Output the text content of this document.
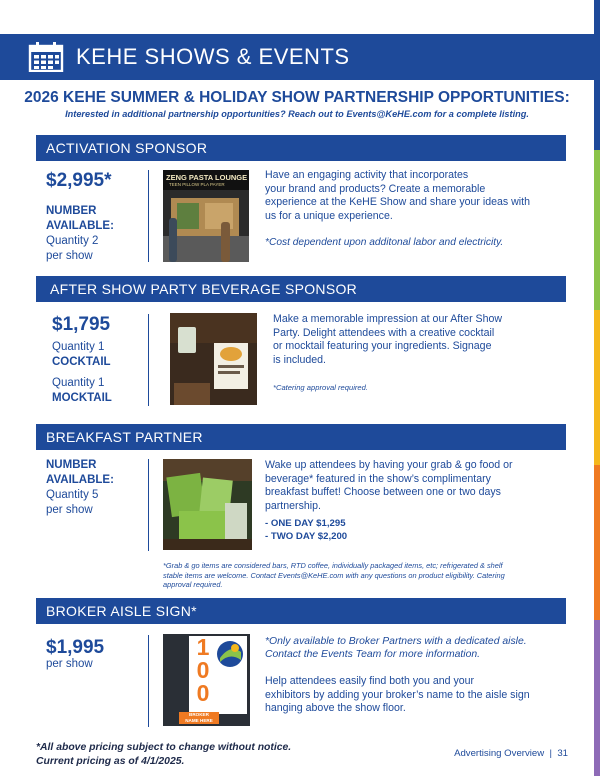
KEHE SHOWS & EVENTS
2026 KEHE SUMMER & HOLIDAY SHOW PARTNERSHIP OPPORTUNITIES:
Interested in additional partnership opportunities? Reach out to Events@KeHE.com for a complete listing.
ACTIVATION SPONSOR
$2,995*
NUMBER
AVAILABLE:
Quantity 2
per show
ZENG PASTA LOUNGE
TEEN PILLOW PLA PAYER
Have an engaging activity that incorporates
your brand and products? Create a memorable
experience at the KeHE Show and share your ideas with
us for a unique experience.
*Cost dependent upon additonal labor and electricity.
AFTER SHOW PARTY BEVERAGE SPONSOR
$1,795
Quantity 1
COCKTAIL
Quantity 1
MOCKTAIL
Make a memorable impression at our After Show
Party. Delight attendees with a creative cocktail
or mocktail featuring your ingredients. Signage
is included.
*Catering approval required.
BREAKFAST PARTNER
NUMBER
AVAILABLE:
Quantity 5
per show
Wake up attendees by having your grab & go food or
beverage* featured in the show’s complimentary
breakfast buffet! Choose between one or two days
partnership.
- ONE DAY $1,295
- TWO DAY $2,200
*Grab & go items are considered bars, RTD coffee, individually packaged items, etc; refrigerated & shelf
stable items are welcome. Contact Events@KeHE.com with any questions on product eligibility. Catering
approval required.
BROKER AISLE SIGN*
$1,995
per show
1
0
0
BROKER
NAME HERE
*Only available to Broker Partners with a dedicated aisle.
Contact the Events Team for more information.
Help attendees easily find both you and your
exhibitors by adding your broker’s name to the aisle sign
hanging above the show floor.
*All above pricing subject to change without notice.
Current pricing as of 4/1/2025.
Advertising Overview  |  31
